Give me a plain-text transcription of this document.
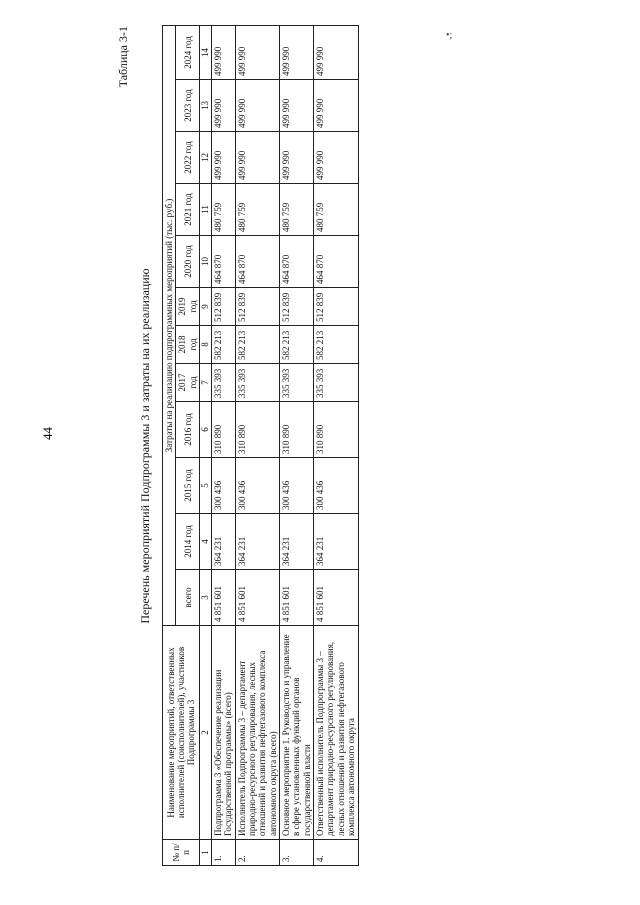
44
•;
Таблица 3-1
Перечень мероприятий Подпрограммы 3 и затраты на их реализацию
№ п/п	Наименование мероприятий, ответственных исполнителей (соисполнителей), участников Подпрограммы 3	Затраты на реализацию подпрограммных мероприятий (тыс. руб.)											
		всего	2014 год	2015 год	2016 год	2017 год	2018 год	2019 год	2020 год	2021 год	2022 год	2023 год	2024 год
1	2	3	4	5	6	7	8	9	10	11	12	13	14
1.	Подпрограмма 3 «Обеспечение реализации Государственной программы» (всего)	4 851 601	364 231	300 436	310 890	335 393	582 213	512 839	464 870	480 759	499 990	499 990	499 990
2.	Исполнитель Подпрограммы 3 – департамент природно-ресурсного регулирования, лесных отношений и развития нефтегазового комплекса автономного округа (всего)	4 851 601	364 231	300 436	310 890	335 393	582 213	512 839	464 870	480 759	499 990	499 990	499 990
3.	Основное мероприятие 1. Руководство и управление в сфере установленных функций органов государственной власти	4 851 601	364 231	300 436	310 890	335 393	582 213	512 839	464 870	480 759	499 990	499 990	499 990
4.	Ответственный исполнитель Подпрограммы 3 – департамент природно-ресурсного регулирования, лесных отношений и развития нефтегазового комплекса автономного округа	4 851 601	364 231	300 436	310 890	335 393	582 213	512 839	464 870	480 759	499 990	499 990	499 990
